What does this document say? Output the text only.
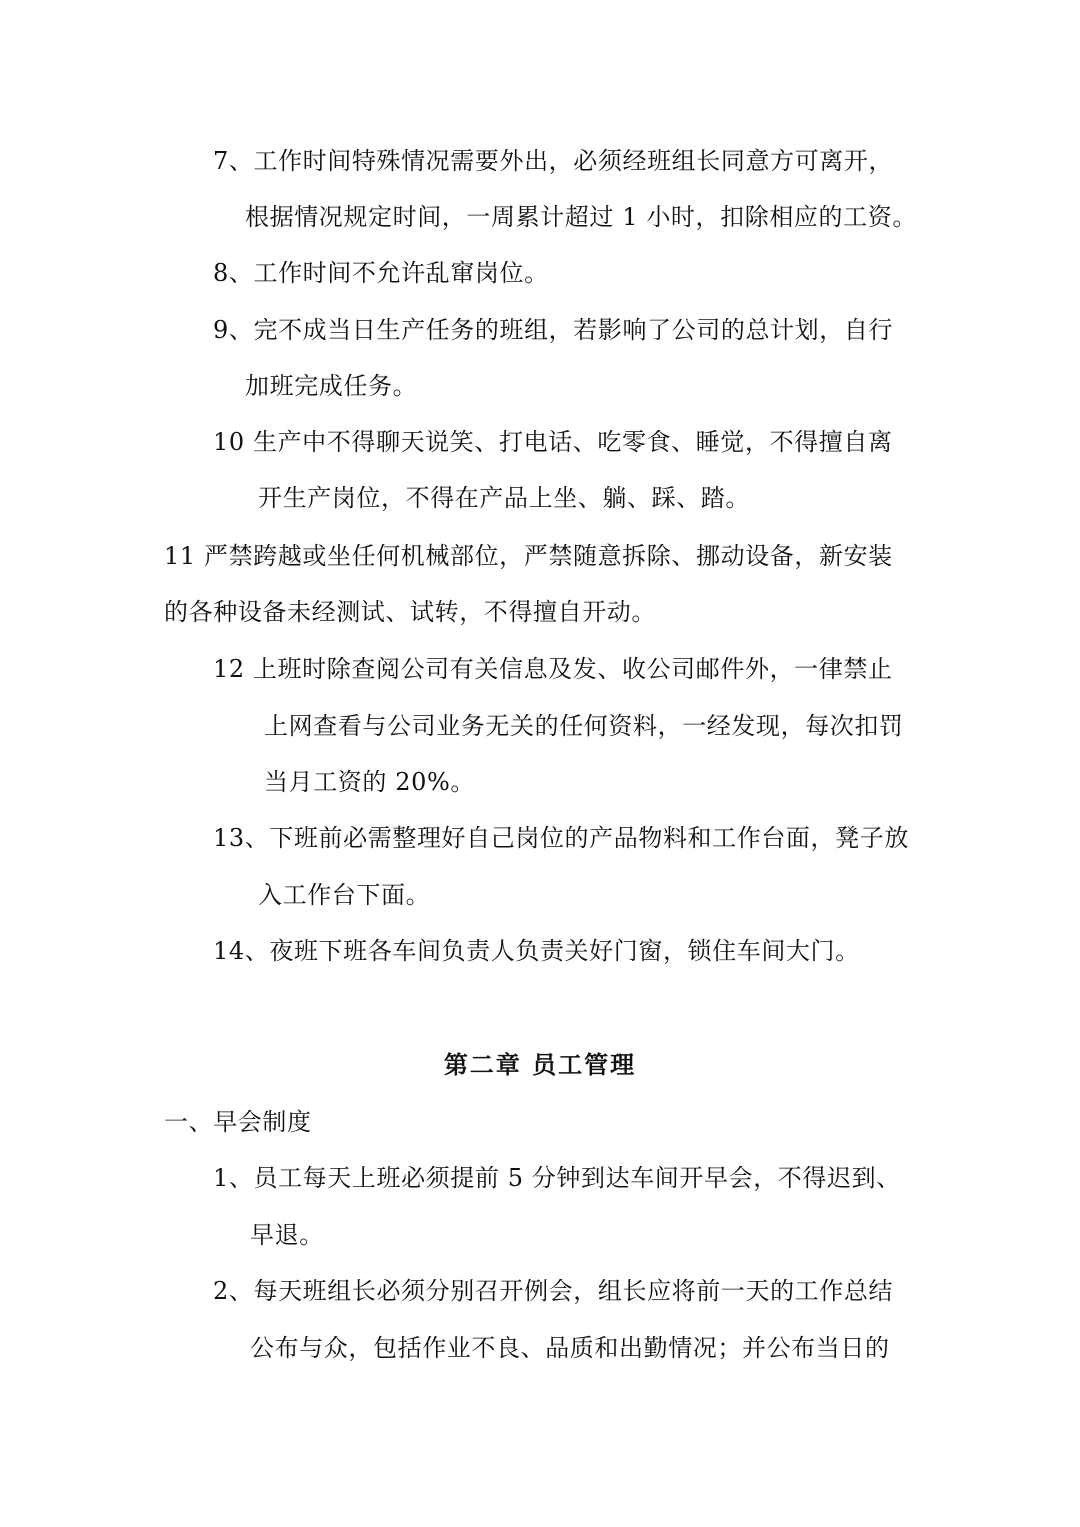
7、工作时间特殊情况需要外出，必须经班组长同意方可离开，
根据情况规定时间，一周累计超过 1 小时，扣除相应的工资。
8、工作时间不允许乱窜岗位。
9、完不成当日生产任务的班组，若影响了公司的总计划，自行
加班完成任务。
10 生产中不得聊天说笑、打电话、吃零食、睡觉，不得擅自离
开生产岗位，不得在产品上坐、躺、踩、踏。
11 严禁跨越或坐任何机械部位，严禁随意拆除、挪动设备，新安装
的各种设备未经测试、试转，不得擅自开动。
12 上班时除查阅公司有关信息及发、收公司邮件外，一律禁止
上网查看与公司业务无关的任何资料，一经发现，每次扣罚
当月工资的 20%。
13、下班前必需整理好自己岗位的产品物料和工作台面，凳子放
入工作台下面。
14、夜班下班各车间负责人负责关好门窗，锁住车间大门。
第二章 员工管理
一、早会制度
1、员工每天上班必须提前 5 分钟到达车间开早会，不得迟到、
早退。
2、每天班组长必须分别召开例会，组长应将前一天的工作总结
公布与众，包括作业不良、品质和出勤情况；并公布当日的
